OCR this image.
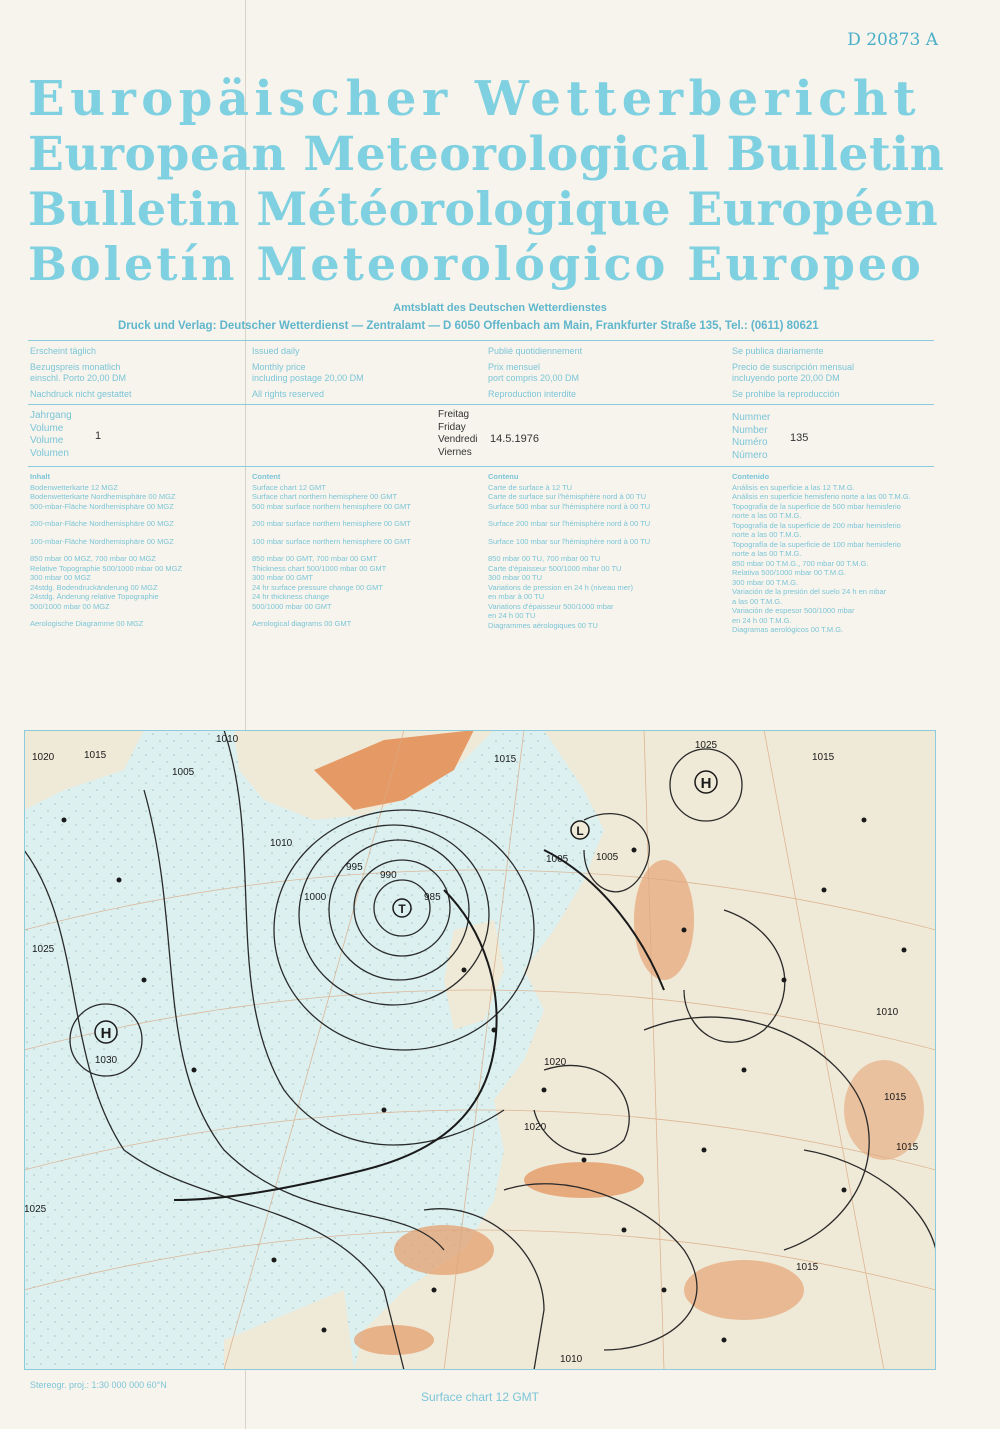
D 20873 A
Europäischer Wetterbericht
European Meteorological Bulletin
Bulletin Météorologique Européen
Boletín Meteorológico Europeo
Amtsblatt des Deutschen Wetterdienstes
Druck und Verlag: Deutscher Wetterdienst — Zentralamt — D 6050 Offenbach am Main, Frankfurter Straße 135, Tel.: (0611) 80621

Erscheint täglich

Bezugspreis monatlich

einschl. Porto 20,00 DM

Nachdruck nicht gestattet

Issued daily

Monthly price

including postage 20,00 DM

All rights reserved

Publié quotidiennement

Prix mensuel

port compris 20,00 DM

Reproduction interdite

Se publica diariamente

Precio de suscripción mensual

incluyendo porte 20,00 DM

Se prohibe la reproducción

Jahrgang

Volume

Volume

Volumen

1

Freitag

Friday

Vendredi

Viernes

14.5.1976

Nummer

Number

Numéro

Número

135

Inhalt

Bodenwetterkarte 12 MGZ

Bodenwetterkarte Nordhemisphäre 00 MGZ

500-mbar-Fläche Nordhemisphäre 00 MGZ

200-mbar-Fläche Nordhemisphäre 00 MGZ

100-mbar-Fläche Nordhemisphäre 00 MGZ

850 mbar 00 MGZ, 700 mbar 00 MGZ

Relative Topographie 500/1000 mbar 00 MGZ

300 mbar 00 MGZ

24stdg. Bodendruckänderung 00 MGZ

24stdg. Änderung relative Topographie

500/1000 mbar 00 MGZ

Aerologische Diagramme 00 MGZ

Content

Surface chart 12 GMT

Surface chart northern hemisphere 00 GMT

500 mbar surface northern hemisphere 00 GMT

200 mbar surface northern hemisphere 00 GMT

100 mbar surface northern hemisphere 00 GMT

850 mbar 00 GMT, 700 mbar 00 GMT

Thickness chart 500/1000 mbar 00 GMT

300 mbar 00 GMT

24 hr surface pressure change 00 GMT

24 hr thickness change

500/1000 mbar 00 GMT

Aerological diagrams 00 GMT

Contenu

Carte de surface à 12 TU

Carte de surface sur l'hémisphère nord à 00 TU

Surface 500 mbar sur l'hémisphère nord à 00 TU

Surface 200 mbar sur l'hémisphère nord à 00 TU

Surface 100 mbar sur l'hémisphère nord à 00 TU

850 mbar 00 TU, 700 mbar 00 TU

Carte d'épaisseur 500/1000 mbar 00 TU

300 mbar 00 TU

Variations de pression en 24 h (niveau mer)

en mbar à 00 TU

Variations d'épaisseur 500/1000 mbar

en 24 h 00 TU

Diagrammes aérologiques 00 TU

Contenido

Análisis en superficie a las 12 T.M.G.

Análisis en superficie hemisferio norte a las 00 T.M.G.

Topografía de la superficie de 500 mbar hemisferio

norte a las 00 T.M.G.

Topografía de la superficie de 200 mbar hemisferio

norte a las 00 T.M.G.

Topografía de la superficie de 100 mbar hemisferio

norte a las 00 T.M.G.

850 mbar 00 T.M.G., 700 mbar 00 T.M.G.

Relativa 500/1000 mbar 00 T.M.G.

300 mbar 00 T.M.G.

Variación de la presión del suelo 24 h en mbar

a las 00 T.M.G.

Variación de espesor 500/1000 mbar

en 24 h 00 T.M.G.

Diagramas aerológicos 00 T.M.G.

H
1030
H
1025
T
985
L
1005
1010
1015
1020
1005
1000
995
990
1025
1015
1010
1020
1015
1010
1015
1020
1005
1015
1025
1010
1015
Stereogr. proj.: 1:30 000 000 60°N
Surface chart 12 GMT
